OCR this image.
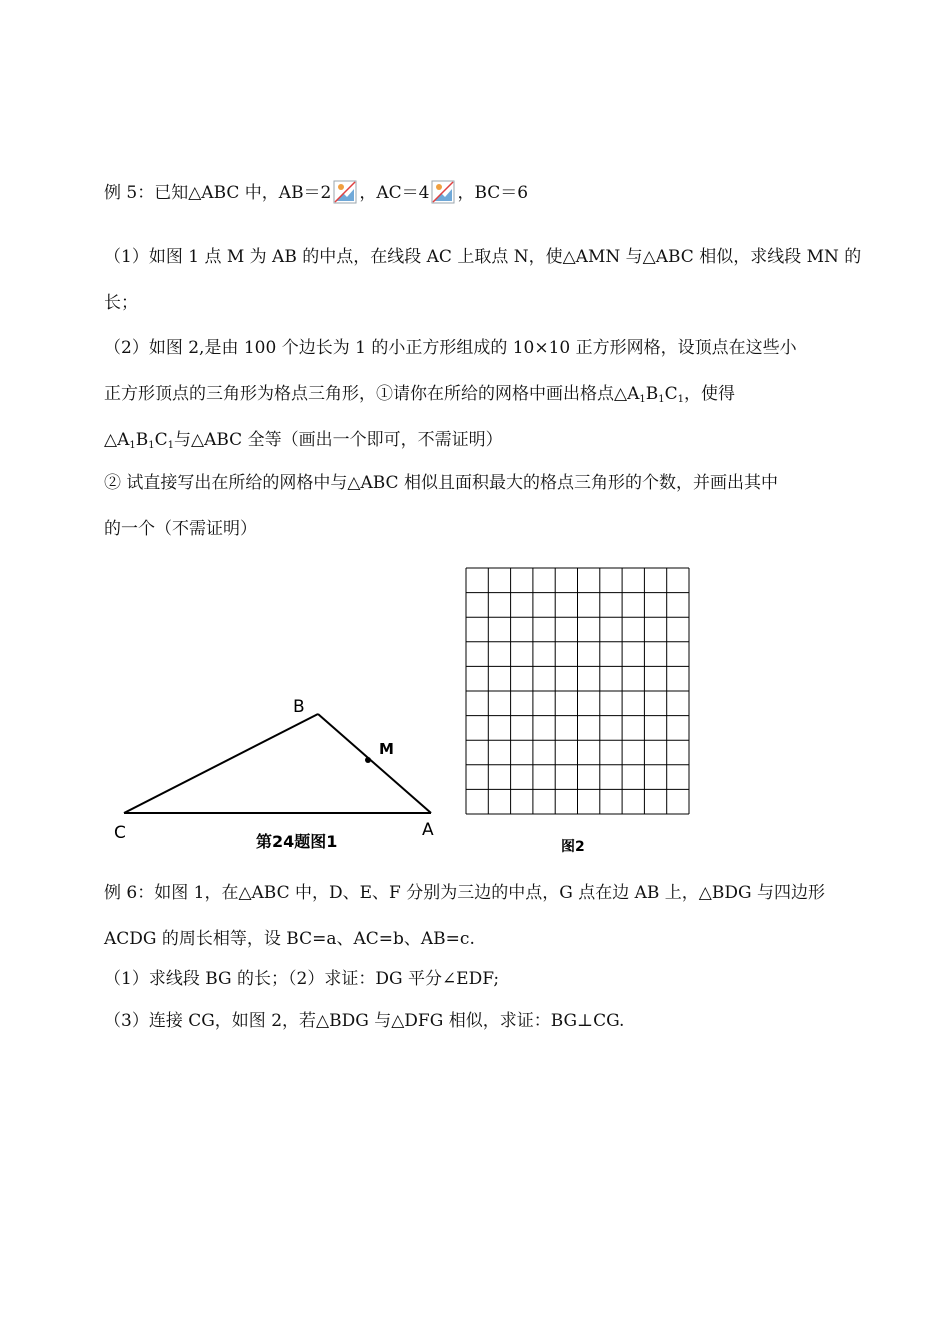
例 5：已知△ABC 中，AB＝2 ，AC＝4 ，BC＝6
（1）如图 1 点 M 为 AB 的中点，在线段 AC 上取点 N，使△AMN 与△ABC 相似，求线段 MN 的
长；
（2）如图 2,是由 100 个边长为 1 的小正方形组成的 10×10 正方形网格，设顶点在这些小
正方形顶点的三角形为格点三角形，①请你在所给的网格中画出格点$\triangle A_1B_1C_1$，使得
$\triangle A_1B_1C_1$与△ABC 全等（画出一个即可，不需证明）
② 试直接写出在所给的网格中与△ABC 相似且面积最大的格点三角形的个数，并画出其中
的一个（不需证明）
B
M
C	A
第24题图1	图2
例 6：如图 1，在△ABC 中，D、E、F 分别为三边的中点，G 点在边 AB 上，△BDG 与四边形
ACDG 的周长相等，设 BC=a、AC=b、AB=c.
（1）求线段 BG 的长；（2）求证：DG 平分∠EDF;
（3）连接 CG，如图 2，若△BDG 与△DFG 相似，求证：BG⊥CG.
